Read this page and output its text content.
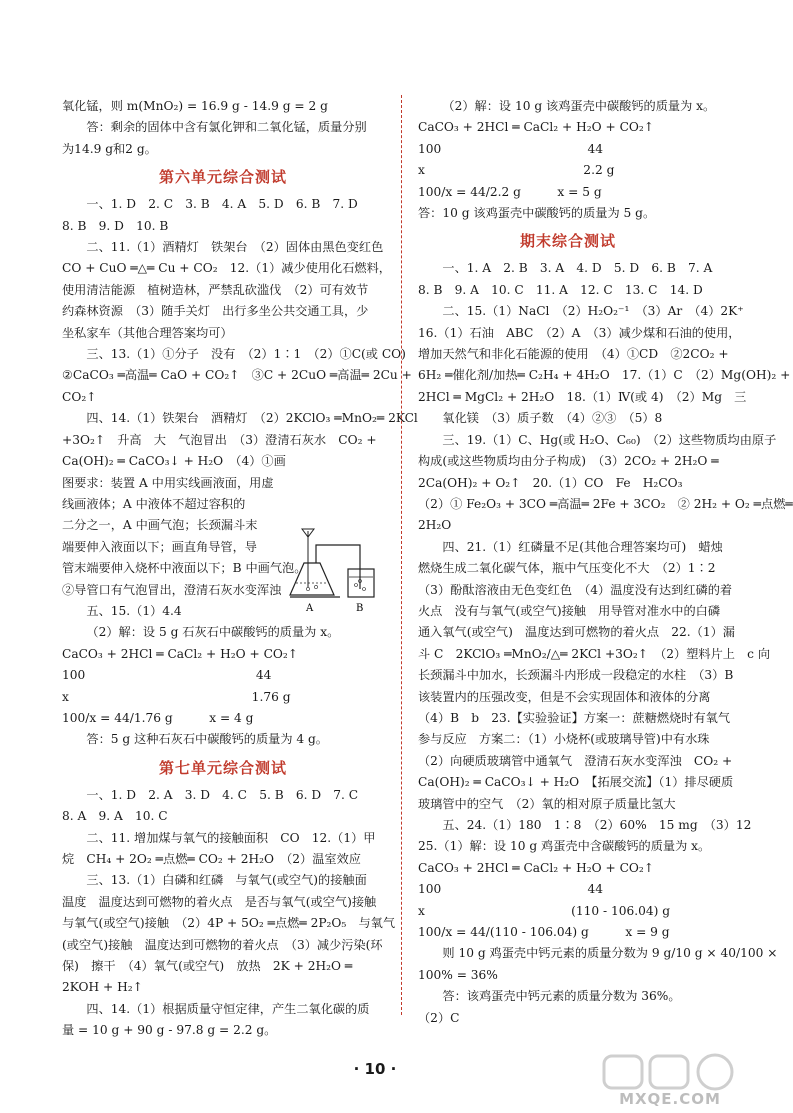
氧化锰，则 m(MnO₂) = 16.9 g - 14.9 g = 2 g
答：剩余的固体中含有氯化钾和二氧化锰，质量分别
为14.9 g和2 g。
第六单元综合测试
一、1. D　2. C　3. B　4. A　5. D　6. B　7. D
8. B　9. D　10. B
二、11.（1）酒精灯　铁架台　（2）固体由黑色变红色
CO + CuO ═△═ Cu + CO₂　12.（1）减少使用化石燃料，
使用清洁能源　植树造林，严禁乱砍滥伐　（2）可有效节
约森林资源　（3）随手关灯　出行多坐公共交通工具，少
坐私家车（其他合理答案均可）
三、13.（1）①分子　没有　（2）1∶1　（2）①C(或 CO)
②CaCO₃ ═高温═ CaO + CO₂↑　③C + 2CuO ═高温═ 2Cu +
CO₂↑
四、14.（1）铁架台　酒精灯　（2）2KClO₃ ═MnO₂═ 2KCl
+3O₂↑　升高　大　气泡冒出　（3）澄清石灰水　CO₂ +
Ca(OH)₂ ═ CaCO₃↓ + H₂O　（4）①画
图要求：装置 A 中用实线画液面，用虚
线画液体；A 中液体不超过容积的
二分之一，A 中画气泡；长颈漏斗末
端要伸入液面以下；画直角导管，导
管末端要伸入烧杯中液面以下；B 中画气泡。
②导管口有气泡冒出，澄清石灰水变浑浊
五、15.（1）4.4
（2）解：设 5 g 石灰石中碳酸钙的质量为 x。
CaCO₃ + 2HCl ═ CaCl₂ + H₂O + CO₂↑
100　　　　　　　　　　　　　　44
x　　　　　　　　　　　　　　　1.76 g
100/x = 44/1.76 g　　　x = 4 g
答：5 g 这种石灰石中碳酸钙的质量为 4 g。
第七单元综合测试
一、1. D　2. A　3. D　4. C　5. B　6. D　7. C
8. A　9. A　10. C
二、11. 增加煤与氧气的接触面积　CO　12.（1）甲
烷　CH₄ + 2O₂ ═点燃═ CO₂ + 2H₂O　（2）温室效应
三、13.（1）白磷和红磷　与氧气(或空气)的接触面
温度　温度达到可燃物的着火点　是否与氧气(或空气)接触
与氧气(或空气)接触　（2）4P + 5O₂ ═点燃═ 2P₂O₅　与氧气
(或空气)接触　温度达到可燃物的着火点　（3）减少污染(环
保)　擦干　（4）氧气(或空气)　放热　2K + 2H₂O ═
2KOH + H₂↑
四、14.（1）根据质量守恒定律，产生二氧化碳的质
量 = 10 g + 90 g - 97.8 g = 2.2 g。
（2）解：设 10 g 该鸡蛋壳中碳酸钙的质量为 x。
CaCO₃ + 2HCl ═ CaCl₂ + H₂O + CO₂↑
100　　　　　　　　　　　　44
x　　　　　　　　　　　　　2.2 g
100/x = 44/2.2 g　　　x = 5 g
答：10 g 该鸡蛋壳中碳酸钙的质量为 5 g。
期末综合测试
一、1. A　2. B　3. A　4. D　5. D　6. B　7. A
8. B　9. A　10. C　11. A　12. C　13. C　14. D
二、15.（1）NaCl　（2）H₂O₂⁻¹　（3）Ar　（4）2K⁺
16.（1）石油　ABC　（2）A　（3）减少煤和石油的使用，
增加天然气和非化石能源的使用　（4）①CD　②2CO₂ +
6H₂ ═催化剂/加热═ C₂H₄ + 4H₂O　17.（1）C　（2）Mg(OH)₂ +
2HCl ═ MgCl₂ + 2H₂O　18.（1）Ⅳ(或 4)　（2）Mg　三
氧化镁　（3）质子数　（4）②③　（5）8
三、19.（1）C、Hg(或 H₂O、C₆₀)　（2）这些物质均由原子
构成(或这些物质均由分子构成)　（3）2CO₂ + 2H₂O ═
2Ca(OH)₂ + O₂↑　20.（1）CO　Fe　H₂CO₃
（2）① Fe₂O₃ + 3CO ═高温═ 2Fe + 3CO₂　② 2H₂ + O₂ ═点燃═
2H₂O
四、21.（1）红磷量不足(其他合理答案均可)　蜡烛
燃烧生成二氧化碳气体，瓶中气压变化不大　（2）1∶2
（3）酚酞溶液由无色变红色　（4）温度没有达到红磷的着
火点　没有与氧气(或空气)接触　用导管对准水中的白磷
通入氧气(或空气)　温度达到可燃物的着火点　22.（1）漏
斗 C　2KClO₃ ═MnO₂/△═ 2KCl +3O₂↑　（2）塑料片上　c 向
长颈漏斗中加水，长颈漏斗内形成一段稳定的水柱　（3）B
该装置内的压强改变，但是不会实现固体和液体的分离
（4）B　b　23.【实验验证】方案一：蔗糖燃烧时有氧气
参与反应　方案二：（1）小烧杯(或玻璃导管)中有水珠
（2）向硬质玻璃管中通氧气　澄清石灰水变浑浊　CO₂ +
Ca(OH)₂ ═ CaCO₃↓ + H₂O　【拓展交流】（1）排尽硬质
玻璃管中的空气　（2）氧的相对原子质量比氢大
五、24.（1）180　1∶8　（2）60%　15 mg　（3）12
25.（1）解：设 10 g 鸡蛋壳中含碳酸钙的质量为 x。
CaCO₃ + 2HCl ═ CaCl₂ + H₂O + CO₂↑
100　　　　　　　　　　　　44
x　　　　　　　　　　　　(110 - 106.04) g
100/x = 44/(110 - 106.04) g　　　x = 9 g
则 10 g 鸡蛋壳中钙元素的质量分数为 9 g/10 g × 40/100 ×
100% = 36%
答：该鸡蛋壳中钙元素的质量分数为 36%。
（2）C
A	B
· 10 ·
MXQE.COM
